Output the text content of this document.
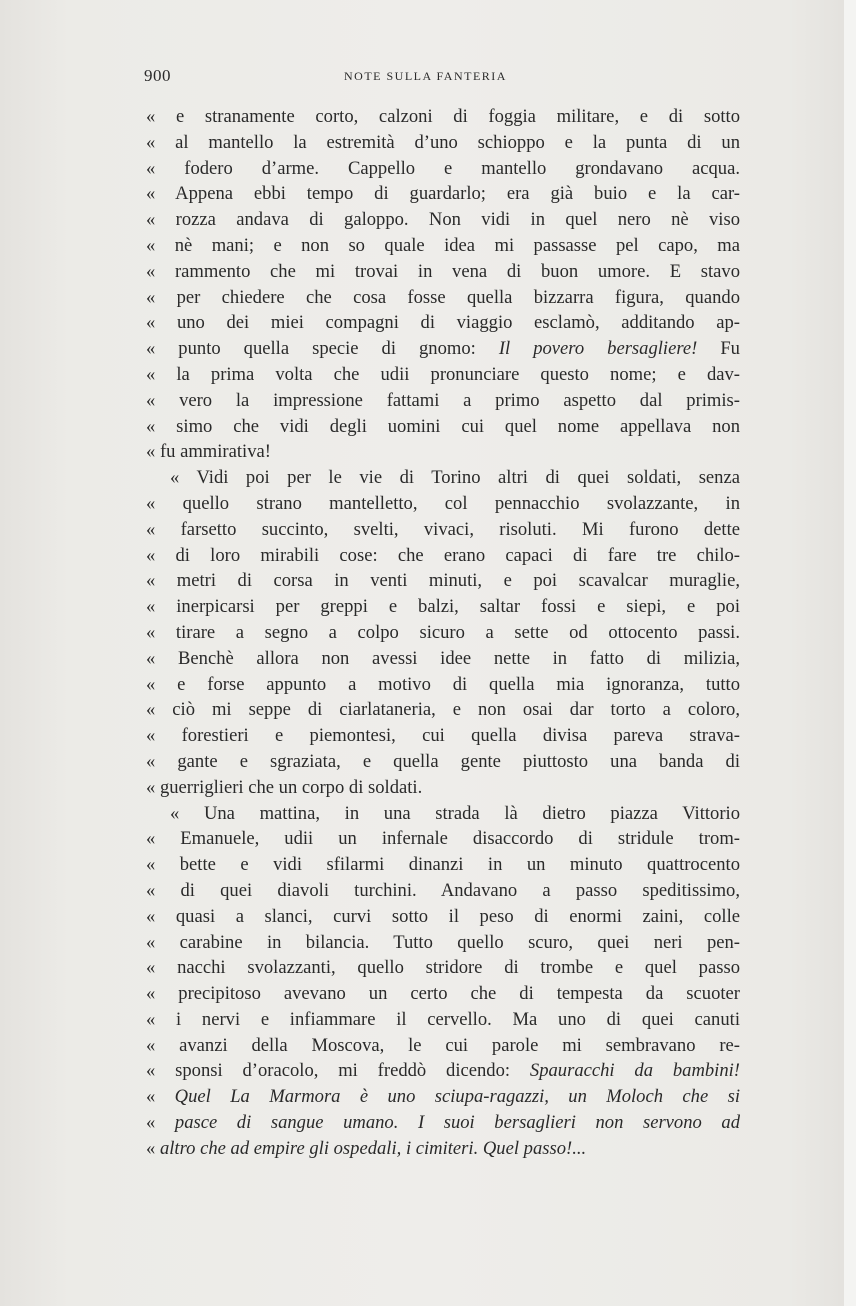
900	NOTE SULLA FANTERIA
« e stranamente corto, calzoni di foggia militare, e di sotto
« al mantello la estremità d’uno schioppo e la punta di un
« fodero d’arme. Cappello e mantello grondavano acqua.
« Appena ebbi tempo di guardarlo; era già buio e la car-
« rozza andava di galoppo. Non vidi in quel nero nè viso
« nè mani; e non so quale idea mi passasse pel capo, ma
« rammento che mi trovai in vena di buon umore. E stavo
« per chiedere che cosa fosse quella bizzarra figura, quando
« uno dei miei compagni di viaggio esclamò, additando ap-
« punto quella specie di gnomo: Il povero bersagliere! Fu
« la prima volta che udii pronunciare questo nome; e dav-
« vero la impressione fattami a primo aspetto dal primis-
« simo che vidi degli uomini cui quel nome appellava non
« fu ammirativa!
« Vidi poi per le vie di Torino altri di quei soldati, senza
« quello strano mantelletto, col pennacchio svolazzante, in
« farsetto succinto, svelti, vivaci, risoluti. Mi furono dette
« di loro mirabili cose: che erano capaci di fare tre chilo-
« metri di corsa in venti minuti, e poi scavalcar muraglie,
« inerpicarsi per greppi e balzi, saltar fossi e siepi, e poi
« tirare a segno a colpo sicuro a sette od ottocento passi.
« Benchè allora non avessi idee nette in fatto di milizia,
« e forse appunto a motivo di quella mia ignoranza, tutto
« ciò mi seppe di ciarlataneria, e non osai dar torto a coloro,
« forestieri e piemontesi, cui quella divisa pareva strava-
« gante e sgraziata, e quella gente piuttosto una banda di
« guerriglieri che un corpo di soldati.
« Una mattina, in una strada là dietro piazza Vittorio
« Emanuele, udii un infernale disaccordo di stridule trom-
« bette e vidi sfilarmi dinanzi in un minuto quattrocento
« di quei diavoli turchini. Andavano a passo speditissimo,
« quasi a slanci, curvi sotto il peso di enormi zaini, colle
« carabine in bilancia. Tutto quello scuro, quei neri pen-
« nacchi svolazzanti, quello stridore di trombe e quel passo
« precipitoso avevano un certo che di tempesta da scuoter
« i nervi e infiammare il cervello. Ma uno di quei canuti
« avanzi della Moscova, le cui parole mi sembravano re-
« sponsi d’oracolo, mi freddò dicendo: Spauracchi da bambini!
« Quel La Marmora è uno sciupa-ragazzi, un Moloch che si
« pasce di sangue umano. I suoi bersaglieri non servono ad
« altro che ad empire gli ospedali, i cimiteri. Quel passo!...
